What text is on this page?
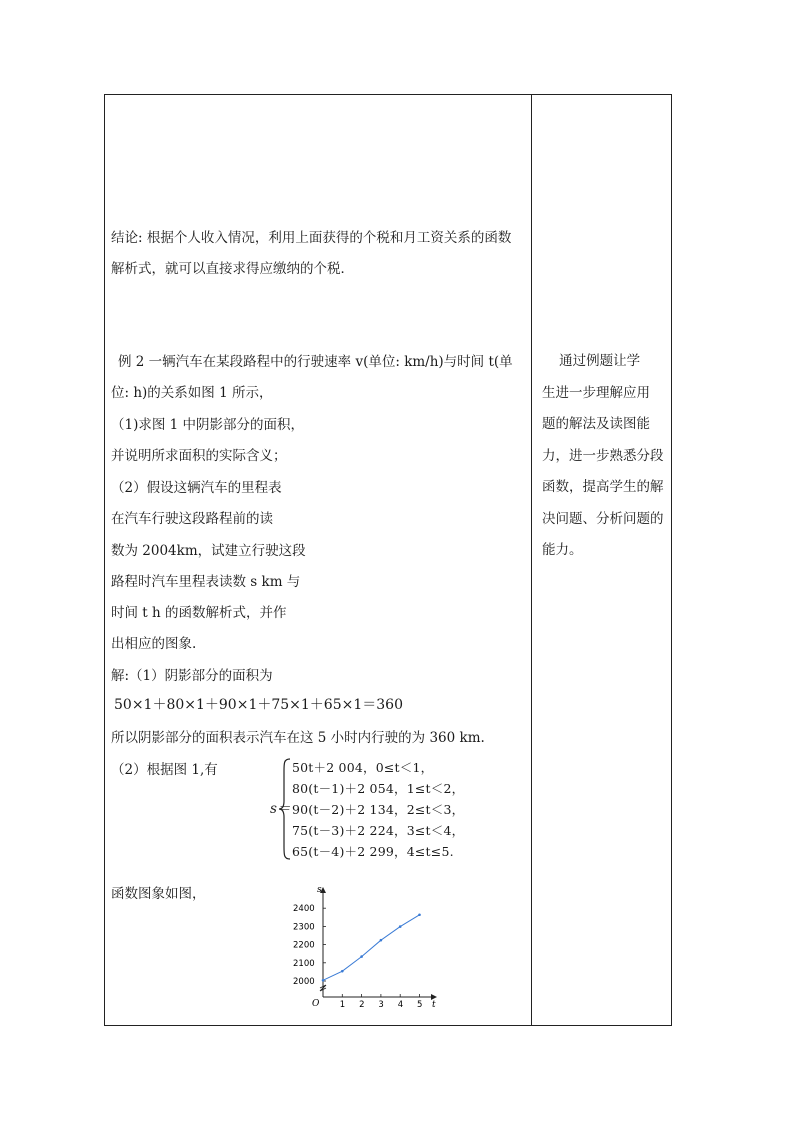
结论: 根据个人收入情况，利用上面获得的个税和月工资关系的函数
解析式，就可以直接求得应缴纳的个税．
例 2 一辆汽车在某段路程中的行驶速率 v(单位: km/h)与时间 t(单
位: h)的关系如图 1 所示，
（1)求图 1 中阴影部分的面积，
并说明所求面积的实际含义；
（2）假设这辆汽车的里程表
在汽车行驶这段路程前的读
数为 2004km，试建立行驶这段
路程时汽车里程表读数 s km 与
时间 t h 的函数解析式，并作
出相应的图象.
解:（1）阴影部分的面积为
50×1＋80×1＋90×1＋75×1＋65×1＝360
所以阴影部分的面积表示汽车在这 5 小时内行驶的为 360 km.
（2）根据图 1,有
s＝
50t＋2 004，0≤t＜1，
80(t－1)＋2 054，1≤t＜2，
90(t－2)＋2 134，2≤t＜3，
75(t－3)＋2 224，3≤t＜4，
65(t－4)＋2 299，4≤t≤5.
函数图象如图，	s
t
O 1 2 3 4 5
2000
2100
2200
2300
2400
通过例题让学
生进一步理解应用
题的解法及读图能
力，进一步熟悉分段
函数，提高学生的解
决问题、分析问题的
能力。
